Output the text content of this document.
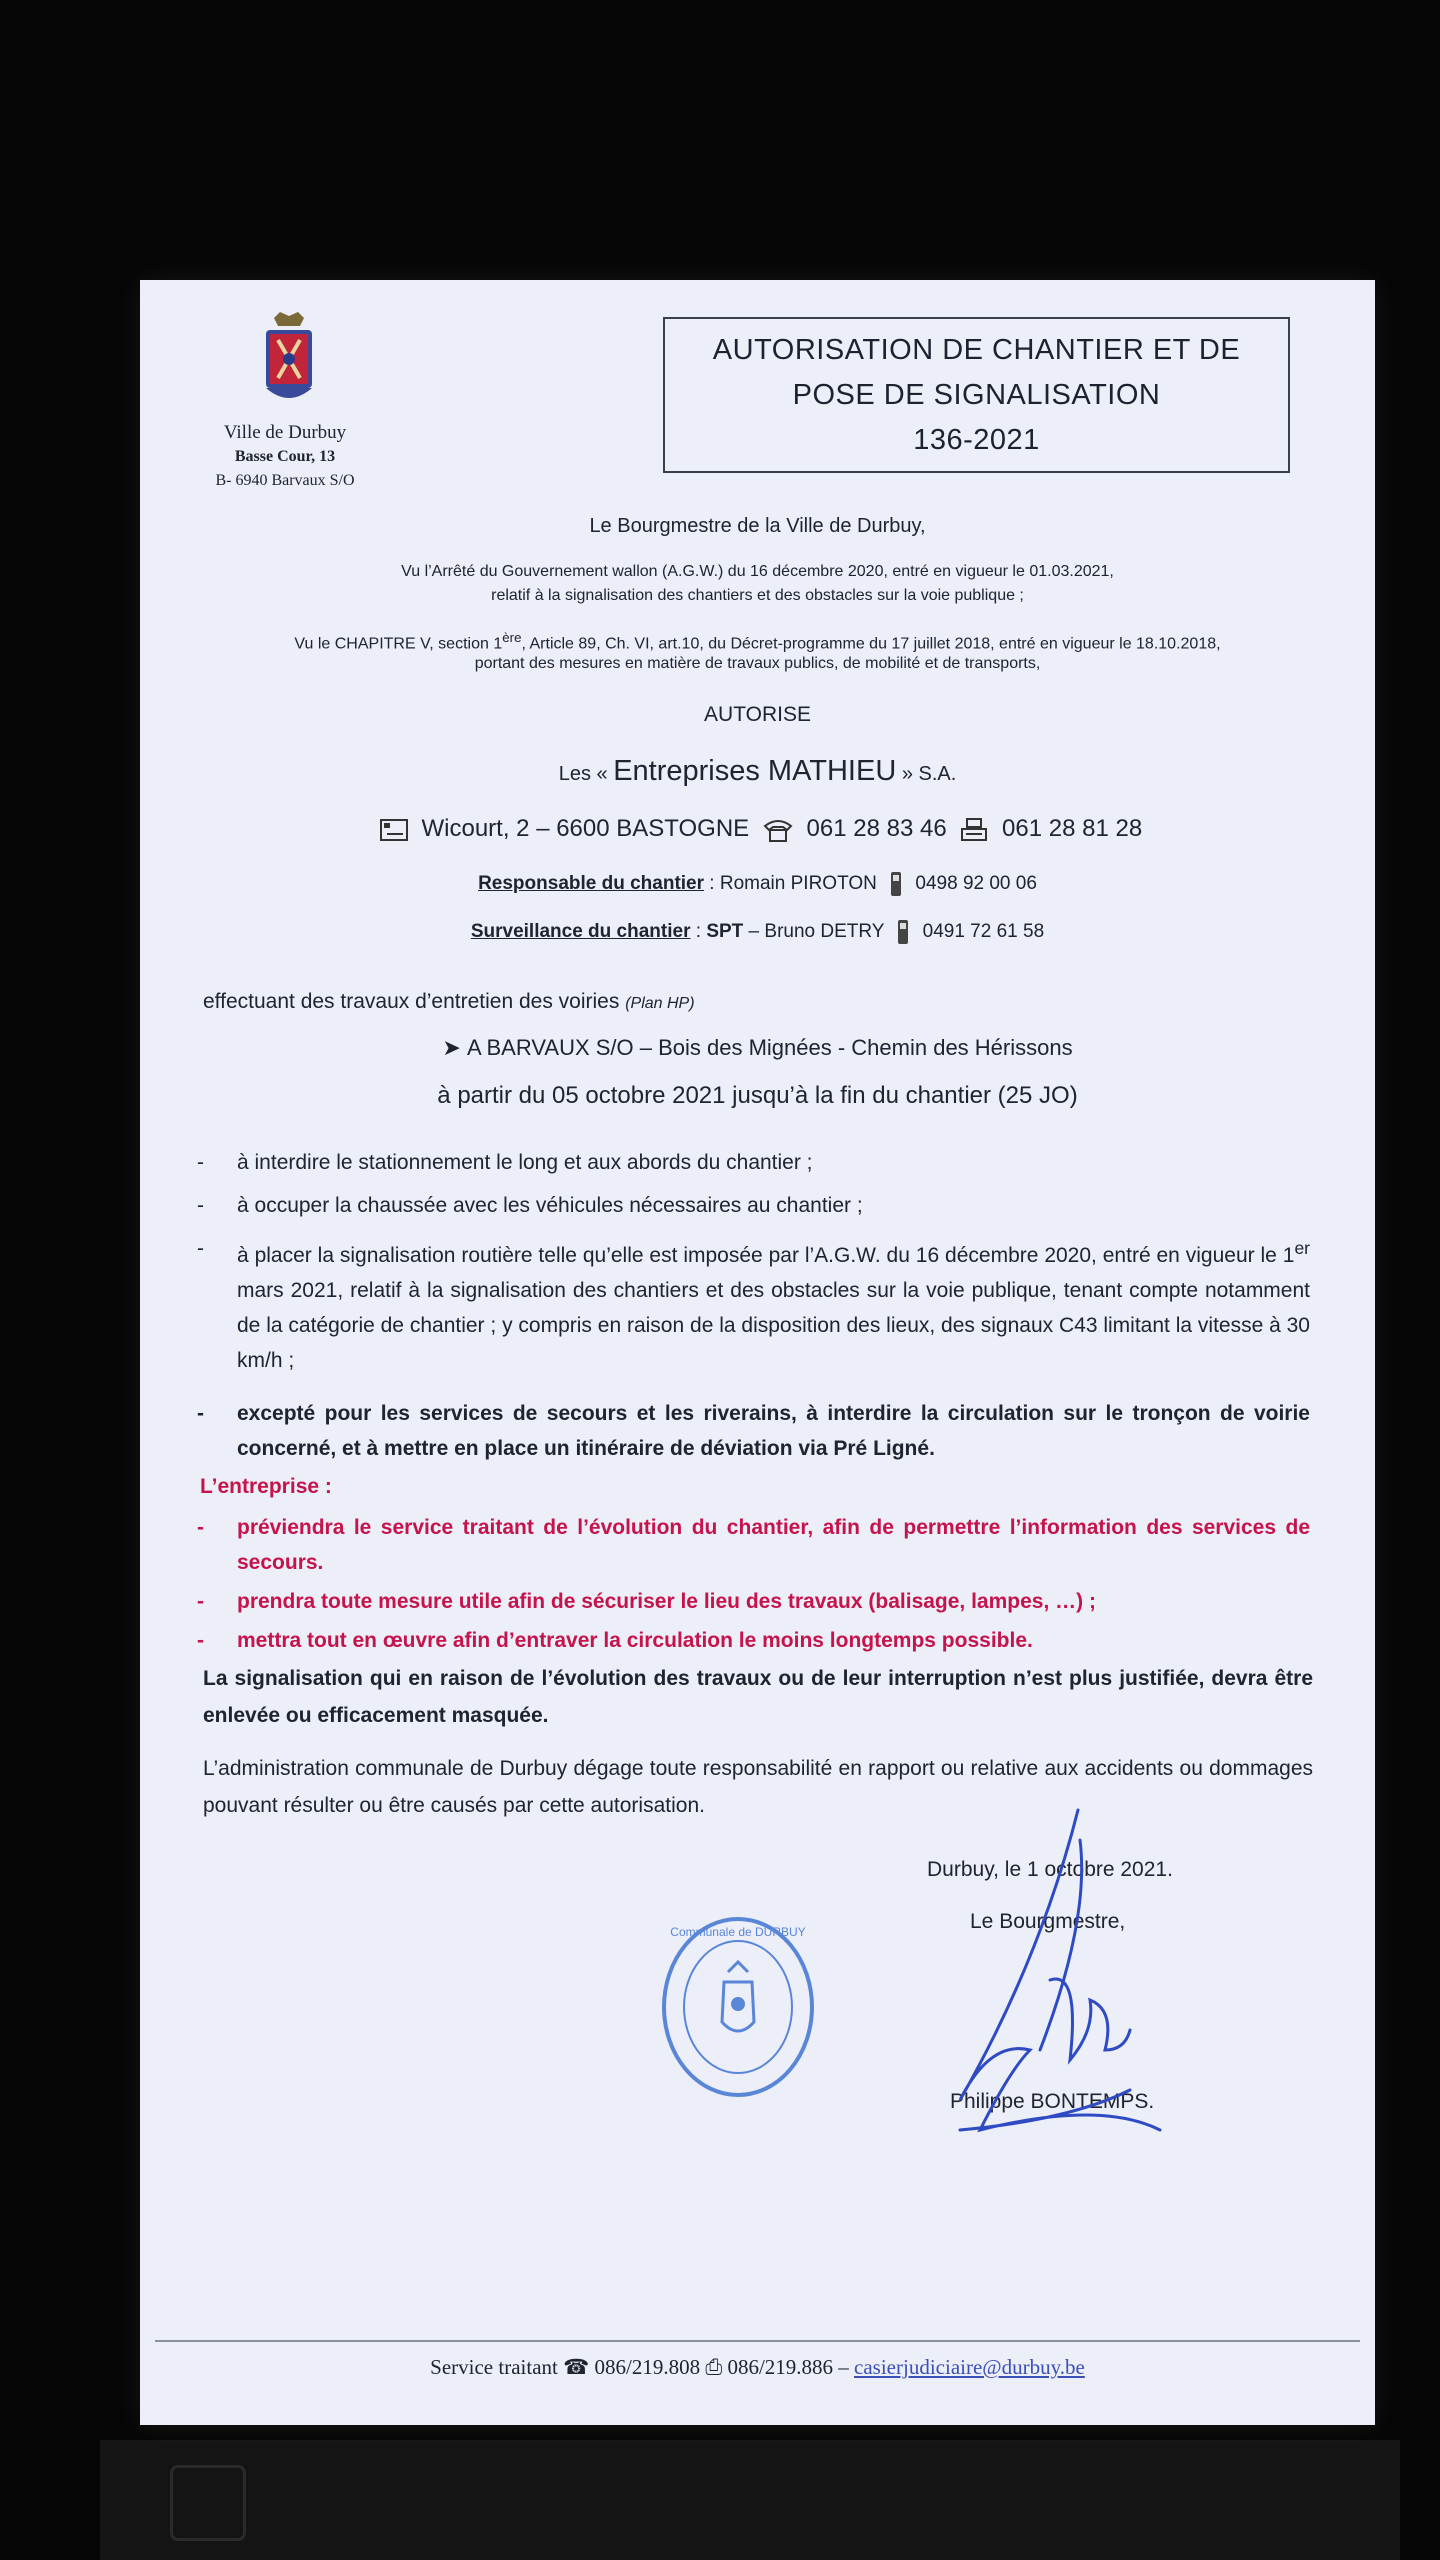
Ville de Durbuy
Basse Cour, 13
B- 6940 Barvaux S/O
AUTORISATION DE CHANTIER ET DE
POSE DE SIGNALISATION
136-2021
Le Bourgmestre de la Ville de Durbuy,
Vu l’Arrêté du Gouvernement wallon (A.G.W.) du 16 décembre 2020, entré en vigueur le 01.03.2021,
relatif à la signalisation des chantiers et des obstacles sur la voie publique ;
Vu le CHAPITRE V, section 1ère, Article 89, Ch. VI, art.10, du Décret-programme du 17 juillet 2018, entré en vigueur le 18.10.2018,
portant des mesures en matière de travaux publics, de mobilité et de transports,
AUTORISE
Les « Entreprises MATHIEU » S.A.
Wicourt, 2 – 6600 BASTOGNE 061 28 83 46 061 28 81 28
Responsable du chantier : Romain PIROTON 0498 92 00 06
Surveillance du chantier : SPT – Bruno DETRY 0491 72 61 58
effectuant des travaux d’entretien des voiries (Plan HP)
➤ A BARVAUX S/O – Bois des Mignées - Chemin des Hérissons
à partir du 05 octobre 2021 jusqu’à la fin du chantier (25 JO)
- à interdire le stationnement le long et aux abords du chantier ;
- à occuper la chaussée avec les véhicules nécessaires au chantier ;
- à placer la signalisation routière telle qu’elle est imposée par l’A.G.W. du 16 décembre 2020, entré en vigueur le 1er mars 2021, relatif à la signalisation des chantiers et des obstacles sur la voie publique, tenant compte notamment de la catégorie de chantier ; y compris en raison de la disposition des lieux, des signaux C43 limitant la vitesse à 30 km/h ;
- excepté pour les services de secours et les riverains, à interdire la circulation sur le tronçon de voirie concerné, et à mettre en place un itinéraire de déviation via Pré Ligné.
L’entreprise :
- préviendra le service traitant de l’évolution du chantier, afin de permettre l’information des services de secours.
- prendra toute mesure utile afin de sécuriser le lieu des travaux (balisage, lampes, …) ;
- mettra tout en œuvre afin d’entraver la circulation le moins longtemps possible.
La signalisation qui en raison de l’évolution des travaux ou de leur interruption n’est plus justifiée, devra être enlevée ou efficacement masquée.
L’administration communale de Durbuy dégage toute responsabilité en rapport ou relative aux accidents ou dommages pouvant résulter ou être causés par cette autorisation.
Durbuy, le 1 octobre 2021.
Le Bourgmestre,
Philippe BONTEMPS.
Communale de DURBUY
Service traitant ☎ 086/219.808 ⎙ 086/219.886 – casierjudiciaire@durbuy.be
